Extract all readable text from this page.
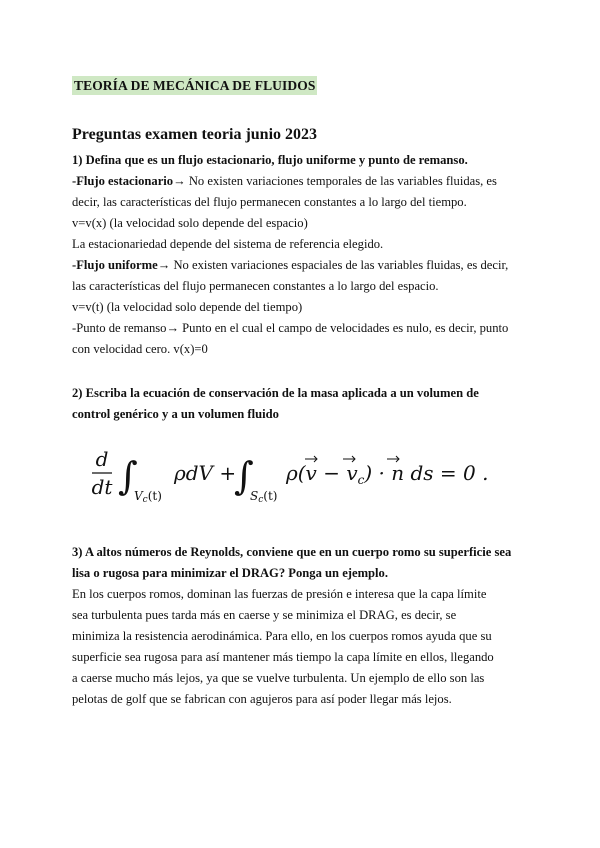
TEORÍA DE MECÁNICA DE FLUIDOS
Preguntas examen teoria junio 2023
1) Defina que es un flujo estacionario, flujo uniforme y punto de remanso.
-Flujo estacionario→ No existen variaciones temporales de las variables fluidas, es
decir, las características del flujo permanecen constantes a lo largo del tiempo.
v=v(x) (la velocidad solo depende del espacio)
La estacionariedad depende del sistema de referencia elegido.
-Flujo uniforme→ No existen variaciones espaciales de las variables fluidas, es decir,
las características del flujo permanecen constantes a lo largo del espacio.
v=v(t) (la velocidad solo depende del tiempo)
-Punto de remanso→ Punto en el cual el campo de velocidades es nulo, es decir, punto
con velocidad cero. v(x)=0
2) Escriba la ecuación de conservación de la masa aplicada a un volumen de
control genérico y a un volumen fluido
d
dt ∫
Vc(t)
ρdV +
∫
Sc(t)
$\rho(v - v_c) \cdot n$ ds = 0 .
3) A altos números de Reynolds, conviene que en un cuerpo romo su superficie sea
lisa o rugosa para minimizar el DRAG? Ponga un ejemplo.
En los cuerpos romos, dominan las fuerzas de presión e interesa que la capa límite
sea turbulenta pues tarda más en caerse y se minimiza el DRAG, es decir, se
minimiza la resistencia aerodinámica. Para ello, en los cuerpos romos ayuda que su
superficie sea rugosa para así mantener más tiempo la capa límite en ellos, llegando
a caerse mucho más lejos, ya que se vuelve turbulenta. Un ejemplo de ello son las
pelotas de golf que se fabrican con agujeros para así poder llegar más lejos.
